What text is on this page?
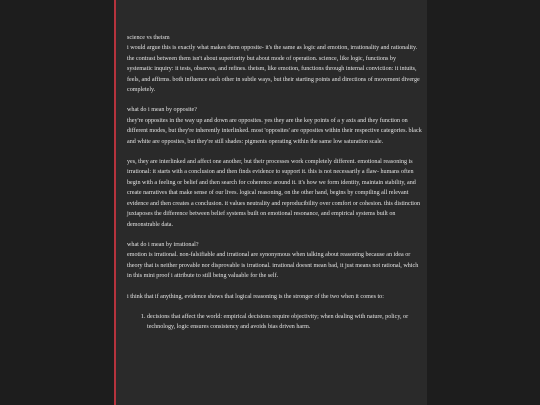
science vs theism

i would argue this is exactly what makes them opposite- it's the same as logic and emotion, irrationality and rationality. the contrast between them isn't about superiority but about mode of operation. science, like logic, functions by systematic inquiry: it tests, observes, and refines. theism, like emotion, functions through internal conviction: it intuits, feels, and affirms. both influence each other in subtle ways, but their starting points and directions of movement diverge completely.

what do i mean by opposite?
they're opposites in the way up and down are opposites. yes they are the key points of a y axis and they function on different modes, but they're inherently interlinked. most 'opposites' are opposites within their respective categories. black and white are opposites, but they're still shades: pigments operating within the same low saturation scale.

yes, they are interlinked and affect one another, but their processes work completely different. emotional reasoning is irrational: it starts with a conclusion and then finds evidence to support it. this is not necessarily a flaw- humans often begin with a feeling or belief and then search for coherence around it. it's how we form identity, maintain stability, and create narratives that make sense of our lives. logical reasoning, on the other hand, begins by compiling all relevant evidence and then creates a conclusion. it values neutrality and reproducibility over comfort or cohesion. this distinction juxtaposes the difference between belief systems built on emotional resonance, and empirical systems built on demonstrable data.

what do i mean by irrational?
emotion is irrational. non-falsifiable and irrational are synonymous when talking about reasoning because an idea or theory that is neither provable nor disprovable is irrational. irrational doesnt mean bad, it just means not rational, which in this mini proof i attribute to still being valuable for the self.

i think that if anything, evidence shows that logical reasoning is the stronger of the two when it comes to:

1. decisions that affect the world: empirical decisions require objectivity; when dealing with nature, policy, or technology, logic ensures consistency and avoids bias driven harm.
